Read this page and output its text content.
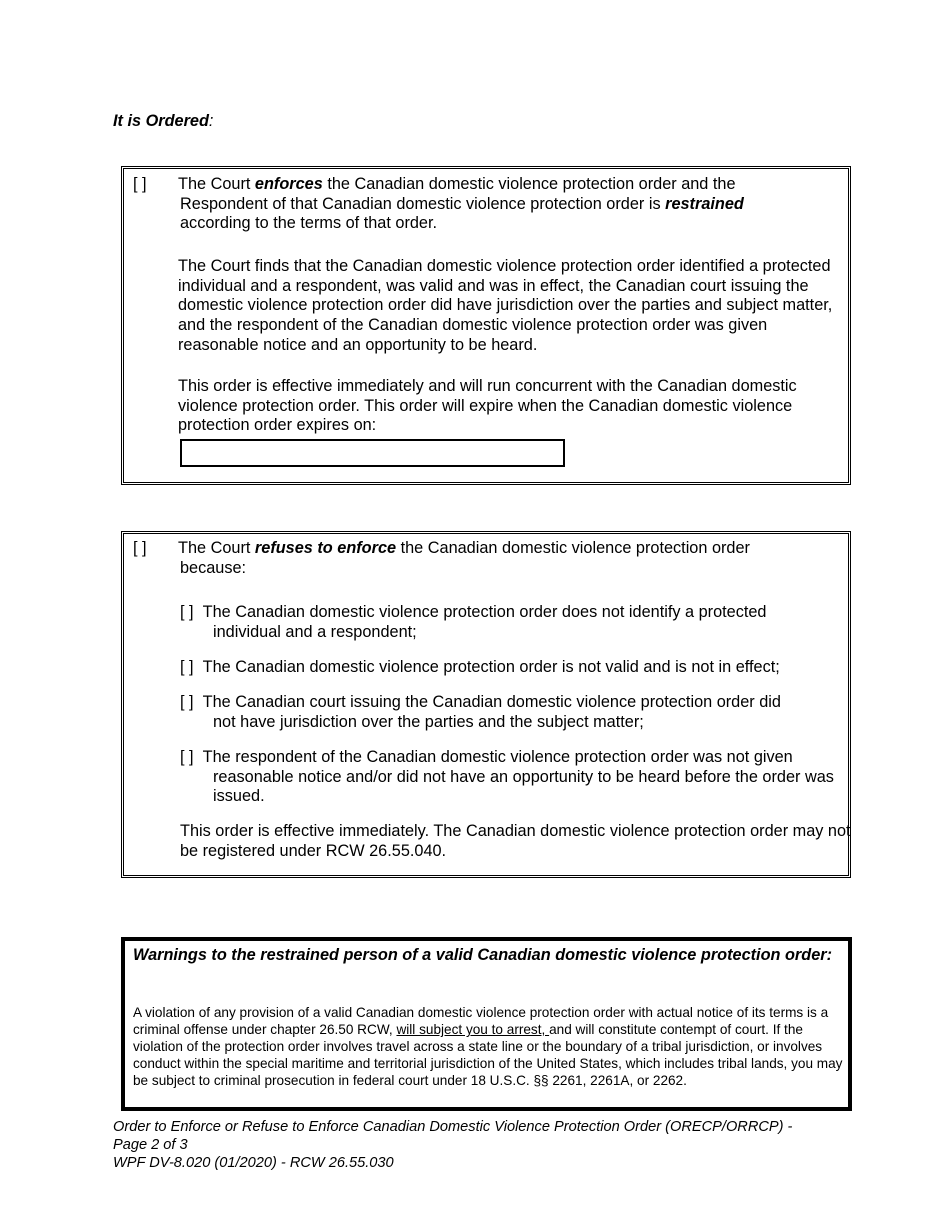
It is Ordered:
[ ] The Court enforces the Canadian domestic violence protection order and the
Respondent of that Canadian domestic violence protection order is restrained
according to the terms of that order.

The Court finds that the Canadian domestic violence protection order identified a protected individual and a respondent, was valid and was in effect, the Canadian court issuing the domestic violence protection order did have jurisdiction over the parties and subject matter, and the respondent of the Canadian domestic violence protection order was given reasonable notice and an opportunity to be heard.

This order is effective immediately and will run concurrent with the Canadian domestic violence protection order. This order will expire when the Canadian domestic violence protection order expires on:

[ ] The Court refuses to enforce the Canadian domestic violence protection order
because:

[ ] The Canadian domestic violence protection order does not identify a protected
individual and a respondent;

[ ] The Canadian domestic violence protection order is not valid and is not in effect;

[ ] The Canadian court issuing the Canadian domestic violence protection order did
not have jurisdiction over the parties and the subject matter;

[ ] The respondent of the Canadian domestic violence protection order was not given
reasonable notice and/or did not have an opportunity to be heard before the order was issued.

This order is effective immediately. The Canadian domestic violence protection order may not be registered under RCW 26.55.040.

Warnings to the restrained person of a valid Canadian domestic violence protection order:

A violation of any provision of a valid Canadian domestic violence protection order with actual notice of its terms is a criminal offense under chapter 26.50 RCW, will subject you to arrest, and will constitute contempt of court. If the violation of the protection order involves travel across a state line or the boundary of a tribal jurisdiction, or involves conduct within the special maritime and territorial jurisdiction of the United States, which includes tribal lands, you may be subject to criminal prosecution in federal court under 18 U.S.C. §§ 2261, 2261A, or 2262.

Order to Enforce or Refuse to Enforce Canadian Domestic Violence Protection Order (ORECP/ORRCP) -
Page 2 of 3
WPF DV-8.020 (01/2020) - RCW 26.55.030
